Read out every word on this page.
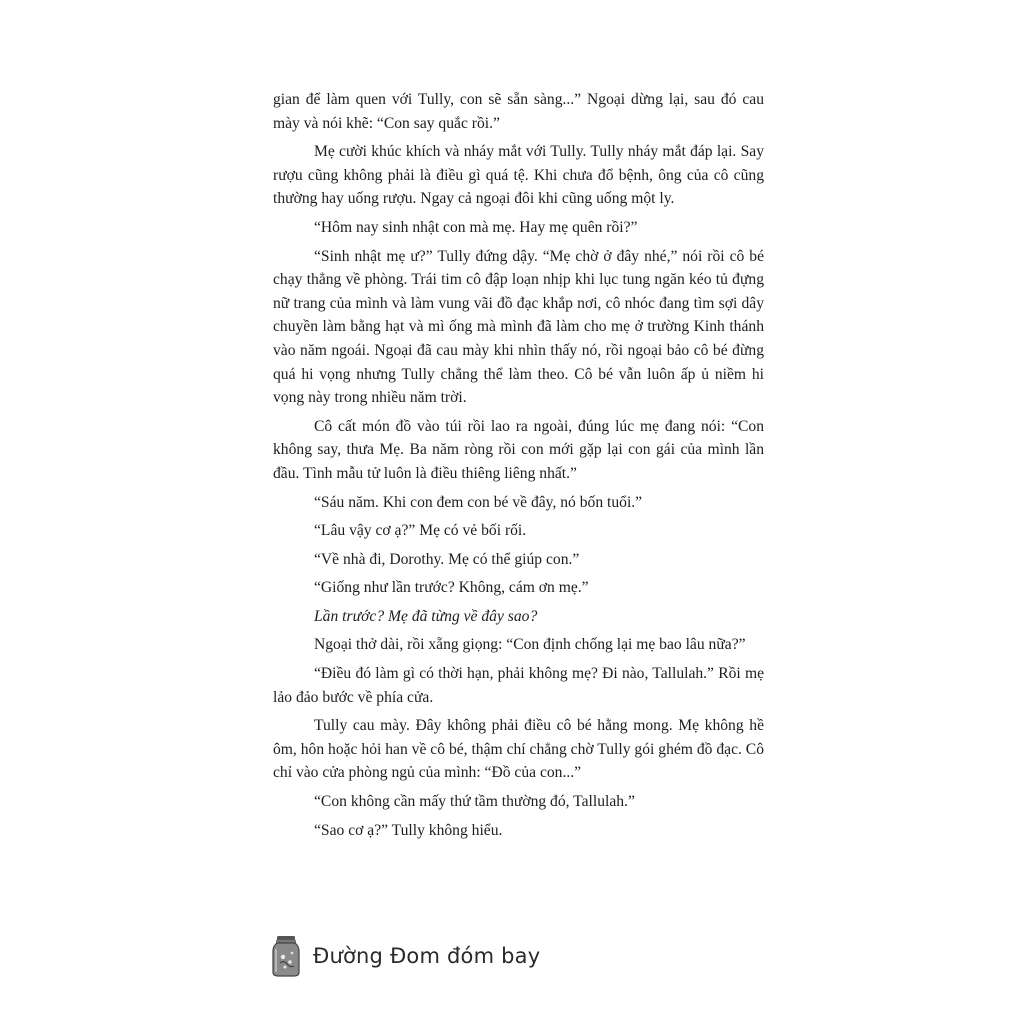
gian để làm quen với Tully, con sẽ sẵn sàng...” Ngoại dừng lại, sau đó cau mày và nói khẽ: “Con say quắc rồi.”

Mẹ cười khúc khích và nháy mắt với Tully. Tully nháy mắt đáp lại. Say rượu cũng không phải là điều gì quá tệ. Khi chưa đổ bệnh, ông của cô cũng thường hay uống rượu. Ngay cả ngoại đôi khi cũng uống một ly.

“Hôm nay sinh nhật con mà mẹ. Hay mẹ quên rồi?”

“Sinh nhật mẹ ư?” Tully đứng dậy. “Mẹ chờ ở đây nhé,” nói rồi cô bé chạy thẳng về phòng. Trái tim cô đập loạn nhịp khi lục tung ngăn kéo tủ đựng nữ trang của mình và làm vung vãi đồ đạc khắp nơi, cô nhóc đang tìm sợi dây chuyền làm bằng hạt và mì ống mà mình đã làm cho mẹ ở trường Kinh thánh vào năm ngoái. Ngoại đã cau mày khi nhìn thấy nó, rồi ngoại bảo cô bé đừng quá hi vọng nhưng Tully chẳng thể làm theo. Cô bé vẫn luôn ấp ủ niềm hi vọng này trong nhiều năm trời.

Cô cất món đồ vào túi rồi lao ra ngoài, đúng lúc mẹ đang nói: “Con không say, thưa Mẹ. Ba năm ròng rồi con mới gặp lại con gái của mình lần đầu. Tình mẫu tử luôn là điều thiêng liêng nhất.”

“Sáu năm. Khi con đem con bé về đây, nó bốn tuổi.”

“Lâu vậy cơ ạ?” Mẹ có vẻ bối rối.

“Về nhà đi, Dorothy. Mẹ có thể giúp con.”

“Giống như lần trước? Không, cám ơn mẹ.”

Lần trước? Mẹ đã từng về đây sao?

Ngoại thở dài, rồi xẵng giọng: “Con định chống lại mẹ bao lâu nữa?”

“Điều đó làm gì có thời hạn, phải không mẹ? Đi nào, Tallulah.” Rồi mẹ lảo đảo bước về phía cửa.

Tully cau mày. Đây không phải điều cô bé hằng mong. Mẹ không hề ôm, hôn hoặc hỏi han về cô bé, thậm chí chẳng chờ Tully gói ghém đồ đạc. Cô chỉ vào cửa phòng ngủ của mình: “Đồ của con...”

“Con không cần mấy thứ tầm thường đó, Tallulah.”

“Sao cơ ạ?” Tully không hiểu.

Đường Đom đóm bay
